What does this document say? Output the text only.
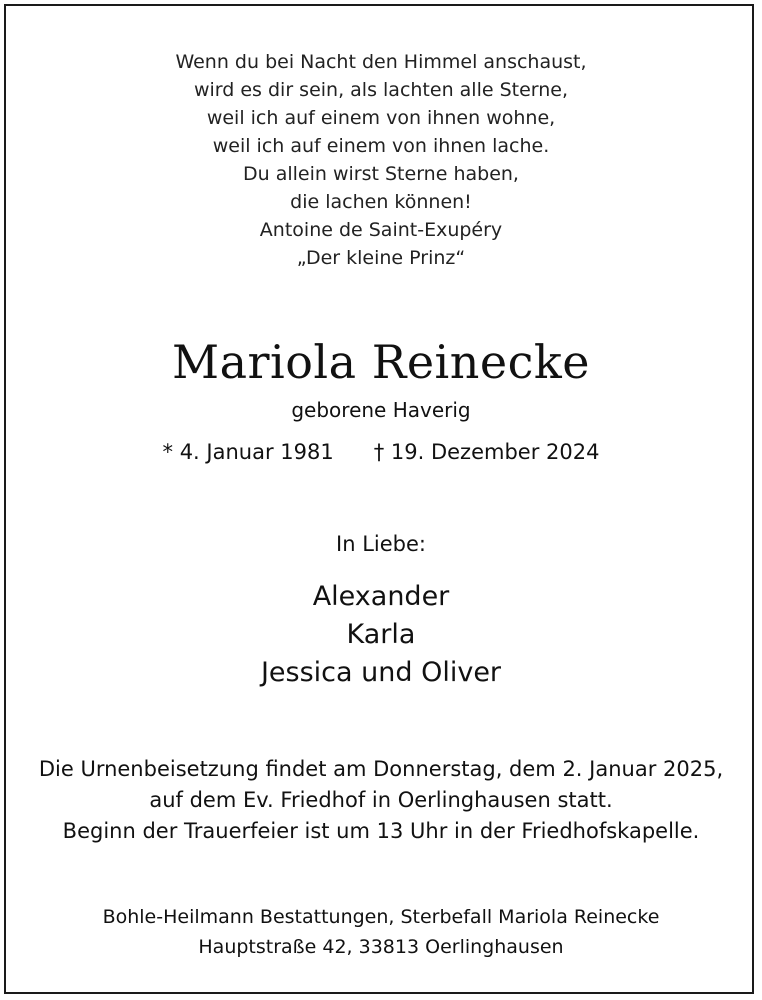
Wenn du bei Nacht den Himmel anschaust,
wird es dir sein, als lachten alle Sterne,
weil ich auf einem von ihnen wohne,
weil ich auf einem von ihnen lache.
Du allein wirst Sterne haben,
die lachen können!
Antoine de Saint-Exupéry
„Der kleine Prinz“
Mariola Reinecke
geborene Haverig
* 4. Januar 1981 † 19. Dezember 2024
In Liebe:
Alexander
Karla
Jessica und Oliver
Die Urnenbeisetzung findet am Donnerstag, dem 2. Januar 2025,
auf dem Ev. Friedhof in Oerlinghausen statt.
Beginn der Trauerfeier ist um 13 Uhr in der Friedhofskapelle.
Bohle-Heilmann Bestattungen, Sterbefall Mariola Reinecke
Hauptstraße 42, 33813 Oerlinghausen
